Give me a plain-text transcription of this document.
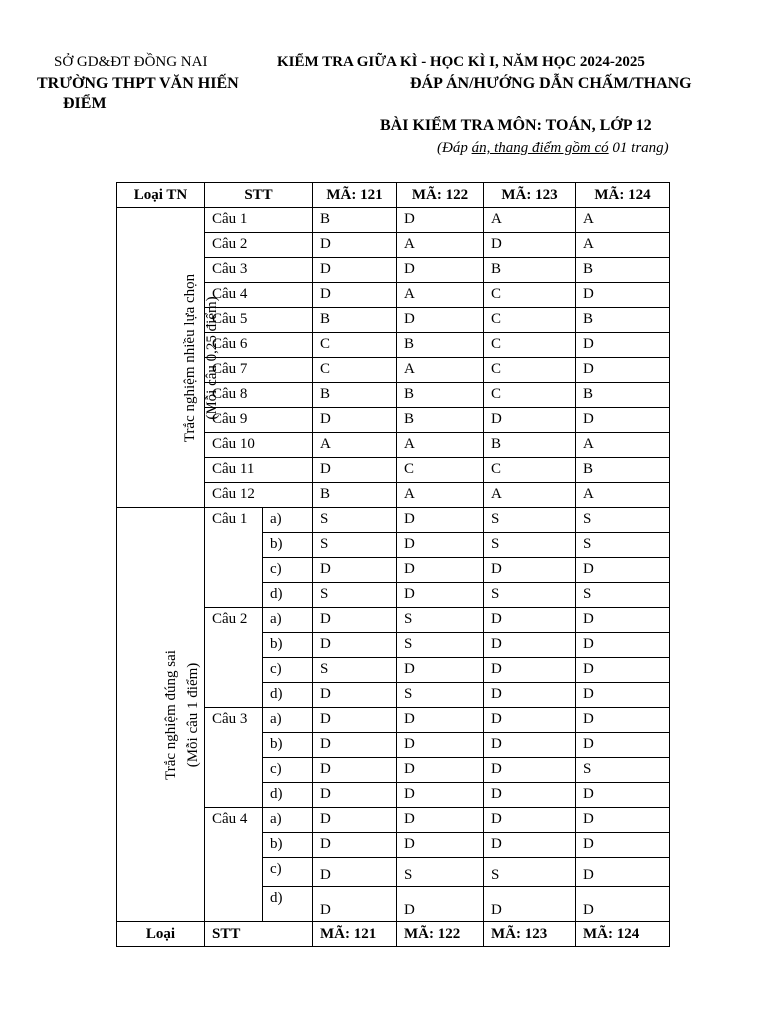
SỞ GD&ĐT ĐỒNG NAI
TRƯỜNG THPT VĂN HIẾN
ĐIỂM
KIỂM TRA GIỮA KÌ - HỌC KÌ I, NĂM HỌC 2024-2025
ĐÁP ÁN/HƯỚNG DẪN CHẤM/THANG
BÀI KIỂM TRA MÔN: TOÁN, LỚP 12
(Đáp án, thang điểm gồm có 01 trang)
Loại TN	STT		MÃ: 121	MÃ: 122	MÃ: 123	MÃ: 124

Trắc nghiệm nhiều lựa chọn (Mỗi câu 0,25 điểm)	Câu 1		B	D	A	A
	Câu 2		D	A	D	A
	Câu 3		D	D	B	B
	Câu 4		D	A	C	D
	Câu 5		B	D	C	B
	Câu 6		C	B	C	D
	Câu 7		C	A	C	D
	Câu 8		B	B	C	B
	Câu 9		D	B	D	D
	Câu 10		A	A	B	A
	Câu 11		D	C	C	B
	Câu 12		B	A	A	A

Trắc nghiệm đúng sai (Mỗi câu 1 điểm)	Câu 1	a)	S	D	S	S
		b)	S	D	S	S
		c)	D	D	D	D
		d)	S	D	S	S
	Câu 2	a)	D	S	D	D
		b)	D	S	D	D
		c)	S	D	D	D
		d)	D	S	D	D
	Câu 3	a)	D	D	D	D
		b)	D	D	D	D
		c)	D	D	D	S
		d)	D	D	D	D
	Câu 4	a)	D	D	D	D
		b)	D	D	D	D
		c)	D	S	S	D
		d)	D	D	D	D
Loại	STT		MÃ: 121	MÃ: 122	MÃ: 123	MÃ: 124
